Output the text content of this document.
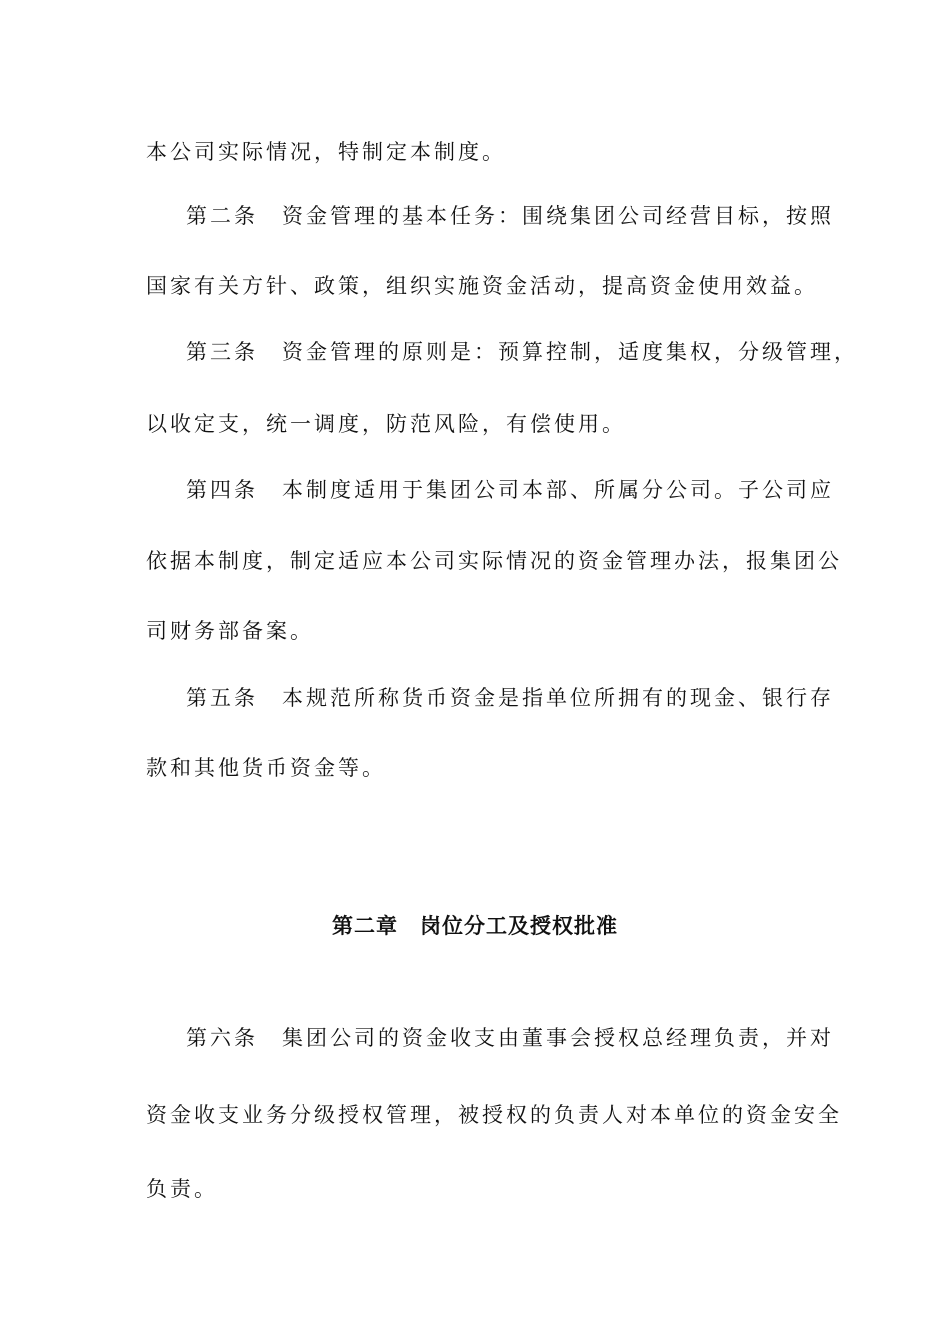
本公司实际情况，特制定本制度。

第二条　资金管理的基本任务：围绕集团公司经营目标，按照

国家有关方针、政策，组织实施资金活动，提高资金使用效益。

第三条　资金管理的原则是：预算控制，适度集权，分级管理，

以收定支，统一调度，防范风险，有偿使用。

第四条　本制度适用于集团公司本部、所属分公司。子公司应

依据本制度，制定适应本公司实际情况的资金管理办法，报集团公

司财务部备案。

第五条　本规范所称货币资金是指单位所拥有的现金、银行存

款和其他货币资金等。

第二章　岗位分工及授权批准

第六条　集团公司的资金收支由董事会授权总经理负责，并对

资金收支业务分级授权管理，被授权的负责人对本单位的资金安全

负责。
